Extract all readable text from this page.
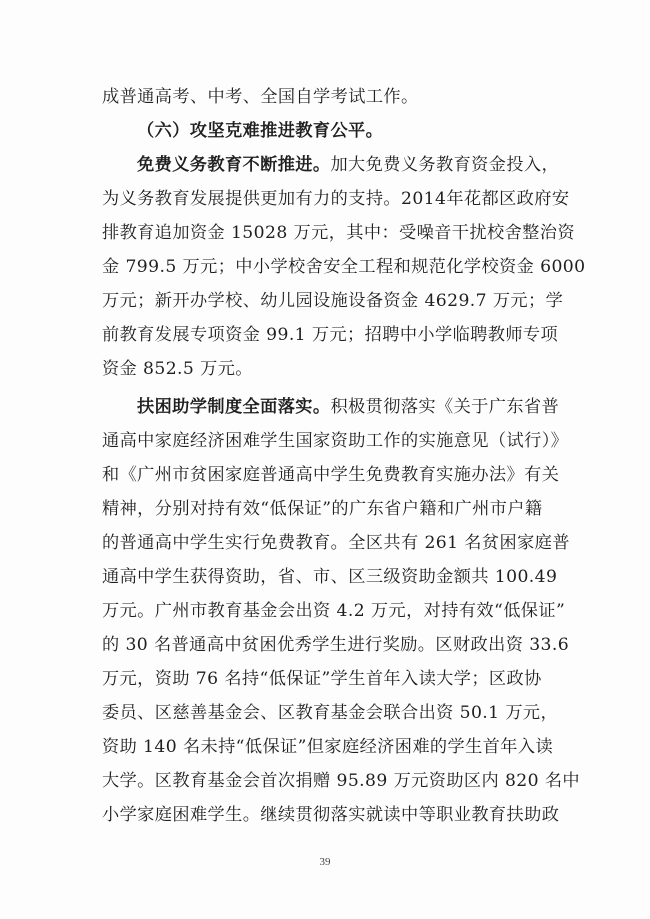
成普通高考、中考、全国自学考试工作。
（六）攻坚克难推进教育公平。
免费义务教育不断推进。加大免费义务教育资金投入，
为义务教育发展提供更加有力的支持。2014年花都区政府安
排教育追加资金 15028 万元，其中：受噪音干扰校舍整治资
金 799.5 万元；中小学校舍安全工程和规范化学校资金 6000
万元；新开办学校、幼儿园设施设备资金 4629.7 万元；学
前教育发展专项资金 99.1 万元；招聘中小学临聘教师专项
资金 852.5 万元。
扶困助学制度全面落实。积极贯彻落实《关于广东省普
通高中家庭经济困难学生国家资助工作的实施意见（试行）》
和《广州市贫困家庭普通高中学生免费教育实施办法》有关
精神，分别对持有效“低保证”的广东省户籍和广州市户籍
的普通高中学生实行免费教育。全区共有 261 名贫困家庭普
通高中学生获得资助，省、市、区三级资助金额共 100.49
万元。广州市教育基金会出资 4.2 万元，对持有效“低保证”
的 30 名普通高中贫困优秀学生进行奖励。区财政出资 33.6
万元，资助 76 名持“低保证”学生首年入读大学；区政协
委员、区慈善基金会、区教育基金会联合出资 50.1 万元，
资助 140 名未持“低保证”但家庭经济困难的学生首年入读
大学。区教育基金会首次捐赠 95.89 万元资助区内 820 名中
小学家庭困难学生。继续贯彻落实就读中等职业教育扶助政
39
